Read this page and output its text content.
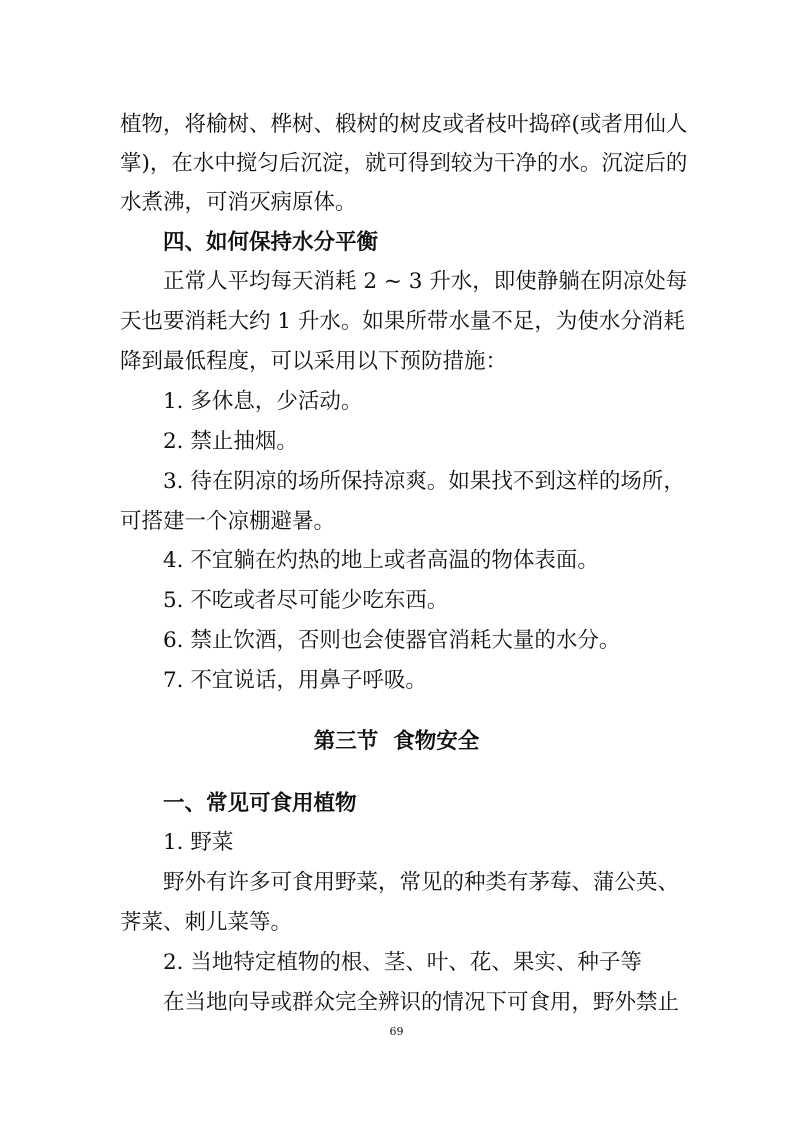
植物，将榆树、桦树、椴树的树皮或者枝叶捣碎(或者用仙人

掌)，在水中搅匀后沉淀，就可得到较为干净的水。沉淀后的

水煮沸，可消灭病原体。

四、如何保持水分平衡

正常人平均每天消耗 2 ~ 3 升水，即使静躺在阴凉处每

天也要消耗大约 1 升水。如果所带水量不足，为使水分消耗

降到最低程度，可以采用以下预防措施：

1. 多休息，少活动。

2. 禁止抽烟。

3. 待在阴凉的场所保持凉爽。如果找不到这样的场所，

可搭建一个凉棚避暑。

4. 不宜躺在灼热的地上或者高温的物体表面。

5. 不吃或者尽可能少吃东西。

6. 禁止饮酒，否则也会使器官消耗大量的水分。

7. 不宜说话，用鼻子呼吸。

第三节  食物安全

一、常见可食用植物

1. 野菜

野外有许多可食用野菜，常见的种类有茅莓、蒲公英、

荠菜、刺儿菜等。

2. 当地特定植物的根、茎、叶、花、果实、种子等

在当地向导或群众完全辨识的情况下可食用，野外禁止

69
